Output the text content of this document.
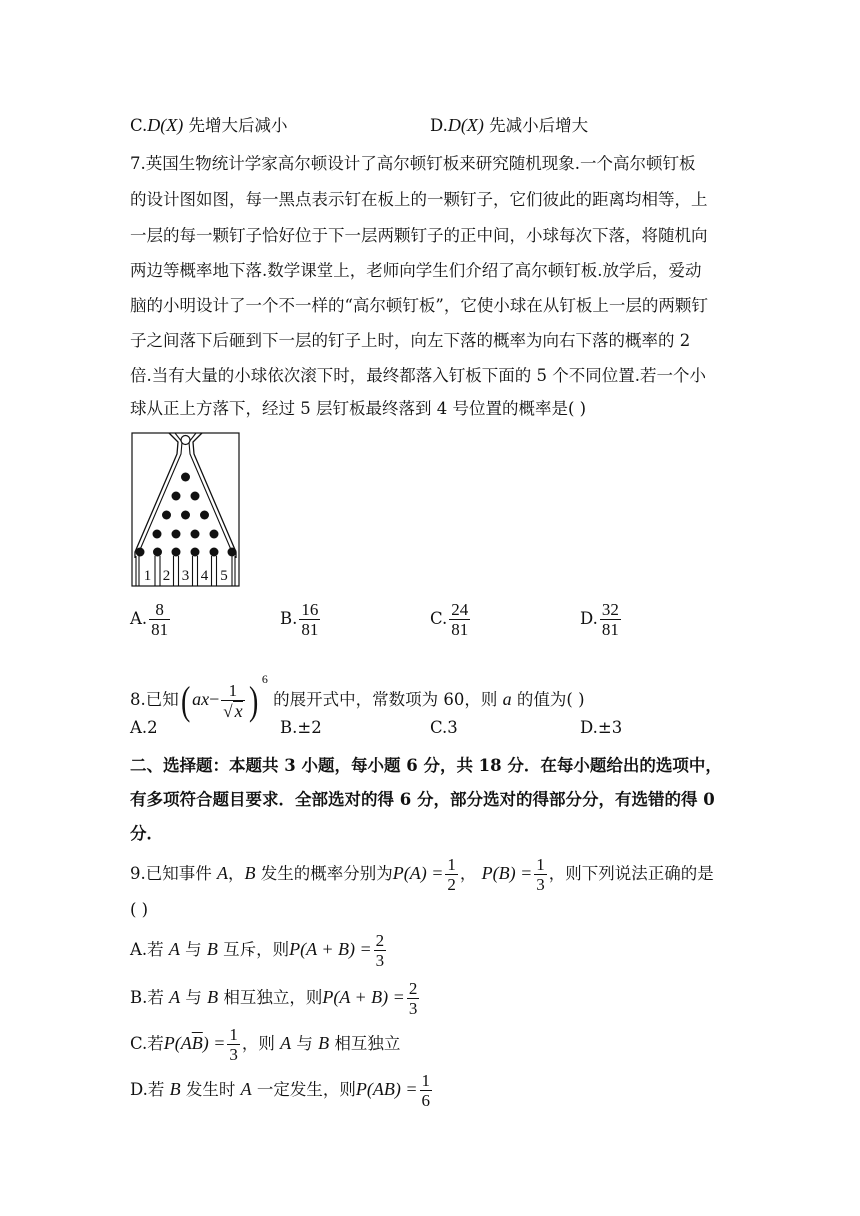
C.D(X) 先增大后减小	D.D(X) 先减小后增大
7.英国生物统计学家高尔顿设计了高尔顿钉板来研究随机现象.一个高尔顿钉板
的设计图如图，每一黑点表示钉在板上的一颗钉子，它们彼此的距离均相等，上
一层的每一颗钉子恰好位于下一层两颗钉子的正中间，小球每次下落，将随机向
两边等概率地下落.数学课堂上，老师向学生们介绍了高尔顿钉板.放学后，爱动
脑的小明设计了一个不一样的“高尔顿钉板”，它使小球在从钉板上一层的两颗钉
子之间落下后砸到下一层的钉子上时，向左下落的概率为向右下落的概率的 2
倍.当有大量的小球依次滚下时，最终都落入钉板下面的 5 个不同位置.若一个小
球从正上方落下，经过 5 层钉板最终落到 4 号位置的概率是( )
1 2 3 4 5
A. $\frac{8}{81}$	B. $\frac{16}{81}$	C. $\frac{24}{81}$	D. $\frac{32}{81}$
8.已知( $ax- \frac{1}{√ x}$ ) $^6$ 的展开式中，常数项为 60，则 a 的值为( )
A.2	B.±2	C.3	D.±3
二、选择题：本题共 3 小题，每小题 6 分，共 18 分．在每小题给出的选项中，
有多项符合题目要求．全部选对的得 6 分，部分选对的得部分分，有选错的得 0
分．
9.已知事件 A，B 发生的概率分别为$P(A) = \frac{1}{2}$ ， $P(B) = \frac{1}{3}$ ，则下列说法正确的是
( )
A.若 A 与 B 互斥，则$P(A + B) = \frac{2}{3}$
B.若 A 与 B 相互独立，则$P(A + B) = \frac{2}{3}$
C.若$P(A\overline{B}) = \frac{1}{3}$ ，则 A 与 B 相互独立
D.若 B 发生时 A 一定发生，则$P(AB) = \frac{1}{6}$
